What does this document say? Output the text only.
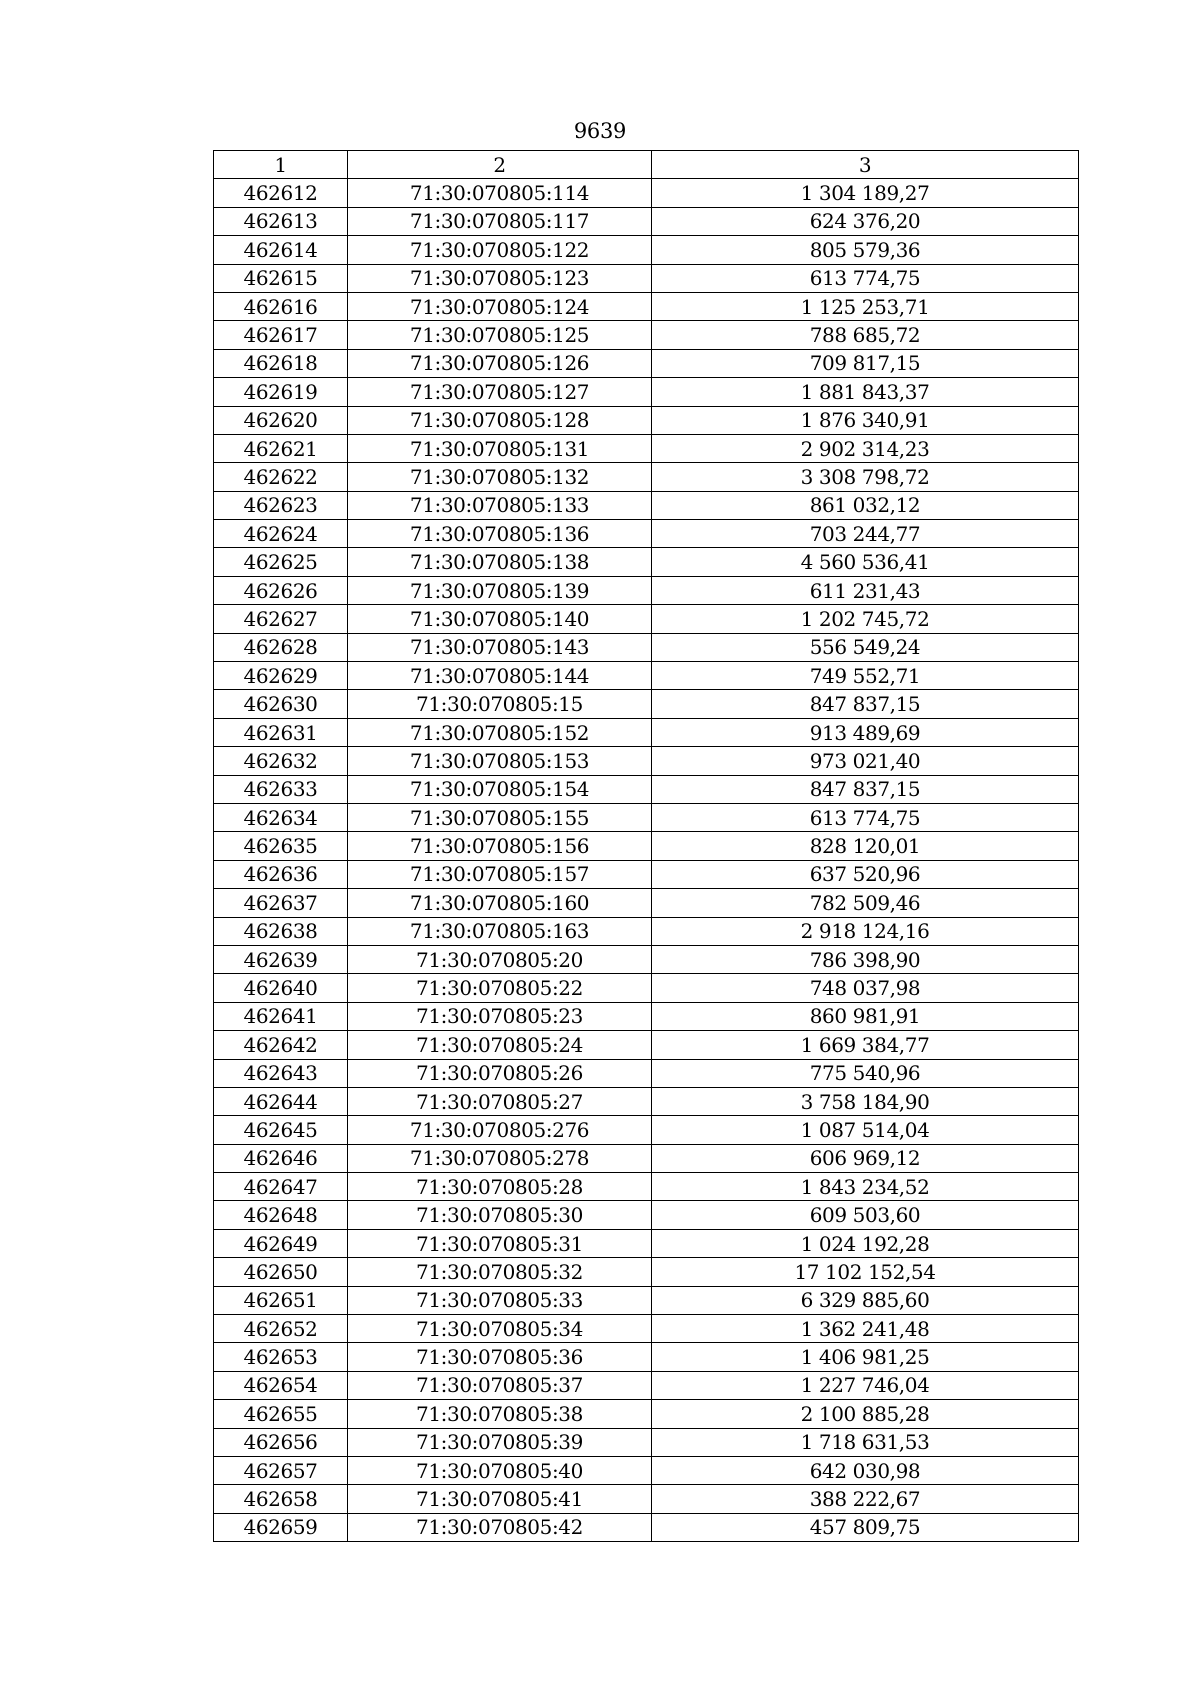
9639
1	2	3
462612	71:30:070805:114	1 304 189,27
462613	71:30:070805:117	624 376,20
462614	71:30:070805:122	805 579,36
462615	71:30:070805:123	613 774,75
462616	71:30:070805:124	1 125 253,71
462617	71:30:070805:125	788 685,72
462618	71:30:070805:126	709 817,15
462619	71:30:070805:127	1 881 843,37
462620	71:30:070805:128	1 876 340,91
462621	71:30:070805:131	2 902 314,23
462622	71:30:070805:132	3 308 798,72
462623	71:30:070805:133	861 032,12
462624	71:30:070805:136	703 244,77
462625	71:30:070805:138	4 560 536,41
462626	71:30:070805:139	611 231,43
462627	71:30:070805:140	1 202 745,72
462628	71:30:070805:143	556 549,24
462629	71:30:070805:144	749 552,71
462630	71:30:070805:15	847 837,15
462631	71:30:070805:152	913 489,69
462632	71:30:070805:153	973 021,40
462633	71:30:070805:154	847 837,15
462634	71:30:070805:155	613 774,75
462635	71:30:070805:156	828 120,01
462636	71:30:070805:157	637 520,96
462637	71:30:070805:160	782 509,46
462638	71:30:070805:163	2 918 124,16
462639	71:30:070805:20	786 398,90
462640	71:30:070805:22	748 037,98
462641	71:30:070805:23	860 981,91
462642	71:30:070805:24	1 669 384,77
462643	71:30:070805:26	775 540,96
462644	71:30:070805:27	3 758 184,90
462645	71:30:070805:276	1 087 514,04
462646	71:30:070805:278	606 969,12
462647	71:30:070805:28	1 843 234,52
462648	71:30:070805:30	609 503,60
462649	71:30:070805:31	1 024 192,28
462650	71:30:070805:32	17 102 152,54
462651	71:30:070805:33	6 329 885,60
462652	71:30:070805:34	1 362 241,48
462653	71:30:070805:36	1 406 981,25
462654	71:30:070805:37	1 227 746,04
462655	71:30:070805:38	2 100 885,28
462656	71:30:070805:39	1 718 631,53
462657	71:30:070805:40	642 030,98
462658	71:30:070805:41	388 222,67
462659	71:30:070805:42	457 809,75
